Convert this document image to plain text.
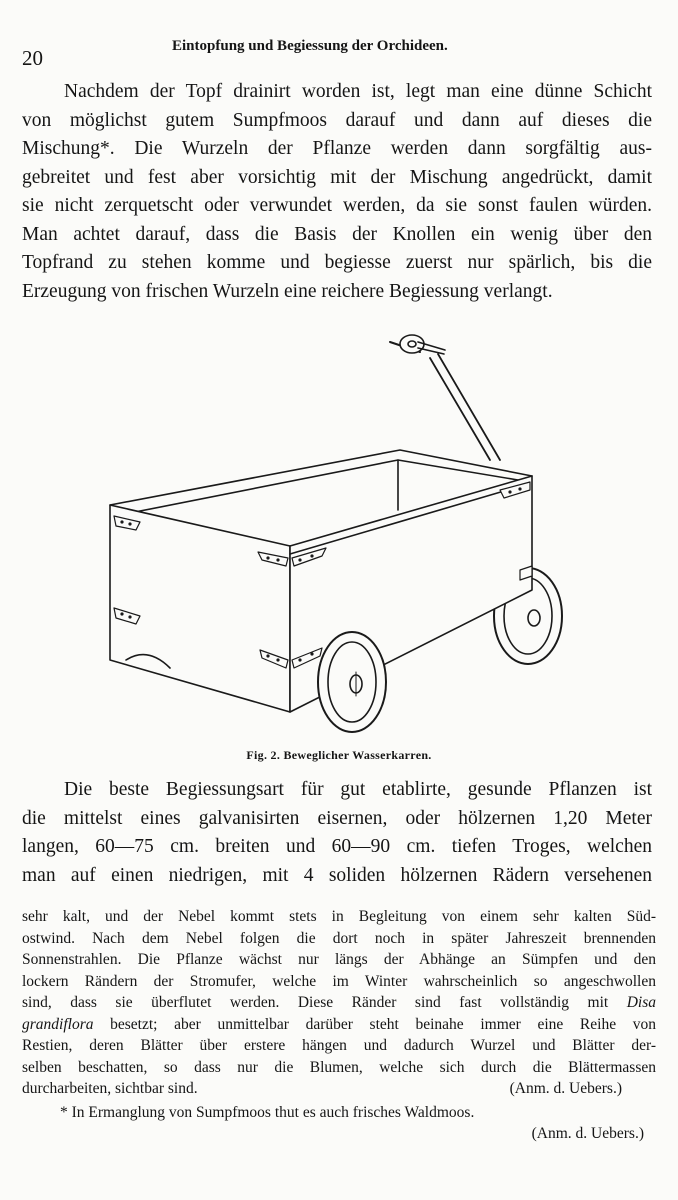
20	Eintopfung und Begiessung der Orchideen.
Nachdem der Topf drainirt worden ist, legt man eine dünne Schicht
von möglichst gutem Sumpfmoos darauf und dann auf dieses die
Mischung*. Die Wurzeln der Pflanze werden dann sorgfältig aus-
gebreitet und fest aber vorsichtig mit der Mischung angedrückt, damit
sie nicht zerquetscht oder verwundet werden, da sie sonst faulen würden.
Man achtet darauf, dass die Basis der Knollen ein wenig über den
Topfrand zu stehen komme und begiesse zuerst nur spärlich, bis die
Erzeugung von frischen Wurzeln eine reichere Begiessung verlangt.
Fig. 2. Beweglicher Wasserkarren.
Die beste Begiessungsart für gut etablirte, gesunde Pflanzen ist
die mittelst eines galvanisirten eisernen, oder hölzernen 1,20 Meter
langen, 60—75 cm. breiten und 60—90 cm. tiefen Troges, welchen
man auf einen niedrigen, mit 4 soliden hölzernen Rädern versehenen
sehr kalt, und der Nebel kommt stets in Begleitung von einem sehr kalten Süd-
ostwind. Nach dem Nebel folgen die dort noch in später Jahreszeit brennenden
Sonnenstrahlen. Die Pflanze wächst nur längs der Abhänge an Sümpfen und den
lockern Rändern der Stromufer, welche im Winter wahrscheinlich so angeschwollen
sind, dass sie überflutet werden. Diese Ränder sind fast vollständig mit Disa
grandiflora besetzt; aber unmittelbar darüber steht beinahe immer eine Reihe von
Restien, deren Blätter über erstere hängen und dadurch Wurzel und Blätter der-
selben beschatten, so dass nur die Blumen, welche sich durch die Blättermassen
durcharbeiten, sichtbar sind.	(Anm. d. Uebers.)
* In Ermanglung von Sumpfmoos thut es auch frisches Waldmoos.
(Anm. d. Uebers.)
